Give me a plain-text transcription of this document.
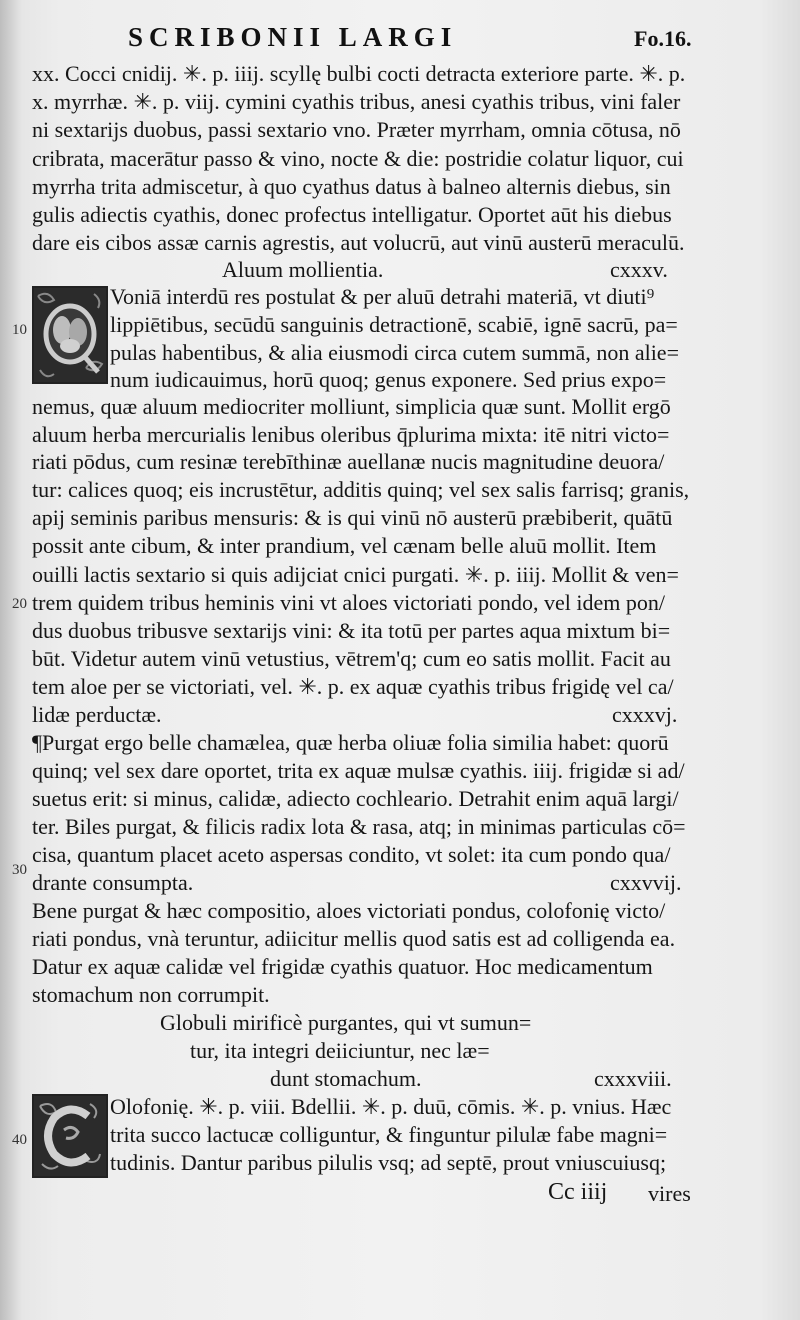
SCRIBONII LARGI	Fo.16.
xx. Cocci cnidij. ✳. p. iiij. scyllę bulbi cocti detracta exteriore parte. ✳. p.
x. myrrhæ. ✳. p. viij. cymini cyathis tribus, anesi cyathis tribus, vini faler
ni sextarijs duobus, passi sextario vno. Præter myrrham, omnia cōtusa, nō
cribrata, macerātur passo & vino, nocte & die: postridie colatur liquor, cui
myrrha trita admiscetur, à quo cyathus datus à balneo alternis diebus, sin
gulis adiectis cyathis, donec profectus intelligatur. Oportet aūt his diebus
dare eis cibos assæ carnis agrestis, aut volucrū, aut vinū austerū meraculū.
Aluum mollientia.	cxxxv.
Voniā interdū res postulat & per aluū detrahi materiā, vt diuti⁹
lippiētibus, secūdū sanguinis detractionē, scabiē, ignē sacrū, pa=
pulas habentibus, & alia eiusmodi circa cutem summā, non alie=
num iudicauimus, horū quoq; genus exponere. Sed prius expo=
nemus, quæ aluum mediocriter molliunt, simplicia quæ sunt. Mollit ergō
aluum herba mercurialis lenibus oleribus q̄plurima mixta: itē nitri victo=
riati pōdus, cum resinæ terebīthinæ auellanæ nucis magnitudine deuora/
tur: calices quoq; eis incrustētur, additis quinq; vel sex salis farrisq; granis,
apij seminis paribus mensuris: & is qui vinū nō austerū præbiberit, quātū
possit ante cibum, & inter prandium, vel cænam belle aluū mollit. Item
ouilli lactis sextario si quis adijciat cnici purgati. ✳. p. iiij. Mollit & ven=
trem quidem tribus heminis vini vt aloes victoriati pondo, vel idem pon/
dus duobus tribusve sextarijs vini: & ita totū per partes aqua mixtum bi=
būt. Videtur autem vinū vetustius, vētrem'q; cum eo satis mollit. Facit au
tem aloe per se victoriati, vel. ✳. p. ex aquæ cyathis tribus frigidę vel ca/
lidæ perductæ.	cxxxvj.
¶Purgat ergo belle chamælea, quæ herba oliuæ folia similia habet: quorū
quinq; vel sex dare oportet, trita ex aquæ mulsæ cyathis. iiij. frigidæ si ad/
suetus erit: si minus, calidæ, adiecto cochleario. Detrahit enim aquā largi/
ter. Biles purgat, & filicis radix lota & rasa, atq; in minimas particulas cō=
cisa, quantum placet aceto aspersas condito, vt solet: ita cum pondo qua/
drante consumpta.	cxxvvij.
Bene purgat & hæc compositio, aloes victoriati pondus, colofonię victo/
riati pondus, vnà teruntur, adiicitur mellis quod satis est ad colligenda ea.
Datur ex aquæ calidæ vel frigidæ cyathis quatuor. Hoc medicamentum
stomachum non corrumpit.
Globuli mirificè purgantes, qui vt sumun=
tur, ita integri deiiciuntur, nec læ=
dunt stomachum.	cxxxviii.
Olofonię. ✳. p. viii. Bdellii. ✳. p. duū, cōmis. ✳. p. vnius. Hæc
trita succo lactucæ colliguntur, & finguntur pilulæ fabe magni=
tudinis. Dantur paribus pilulis vsq; ad septē, prout vniuscuiusq;
Cc iiij vires
10
20
30
40
